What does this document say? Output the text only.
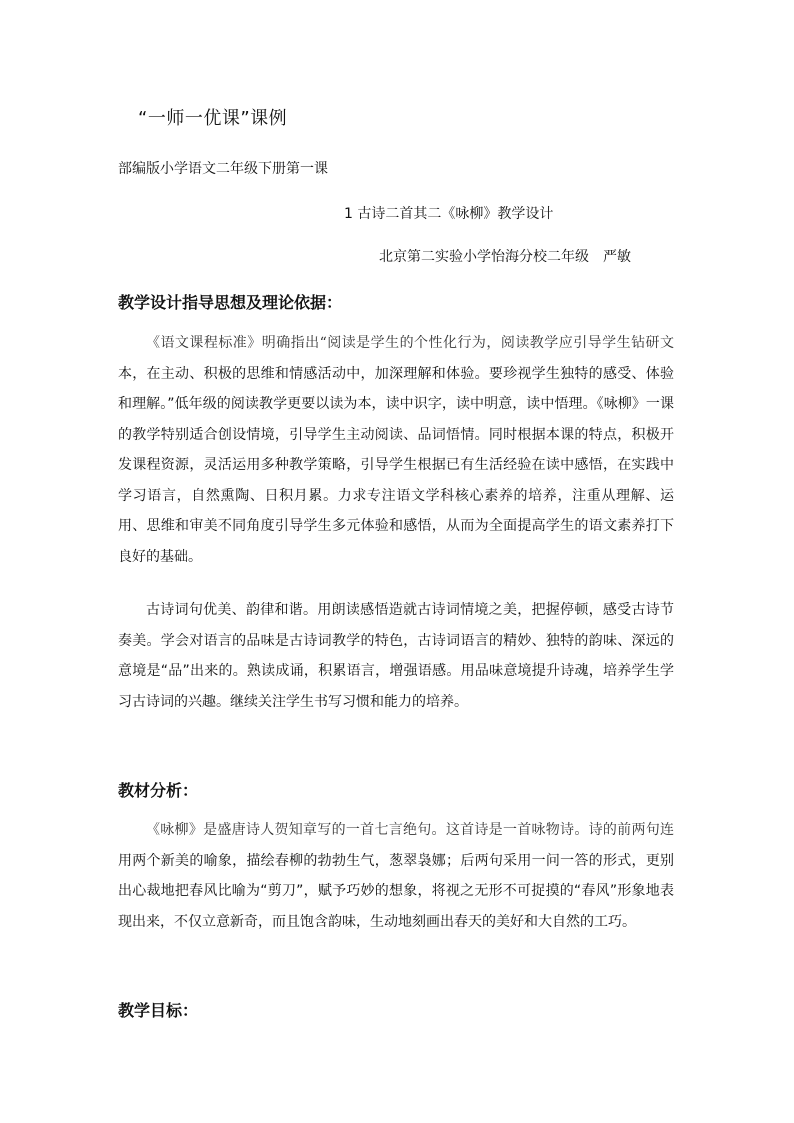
“一师一优课”课例
部编版小学语文二年级下册第一课
1 古诗二首其二《咏柳》教学设计
北京第二实验小学怡海分校二年级　严敏
教学设计指导思想及理论依据：

《语文课程标准》明确指出“阅读是学生的个性化行为，阅读教学应引导学生钻研文本，在主动、积极的思维和情感活动中，加深理解和体验。要珍视学生独特的感受、体验和理解。”低年级的阅读教学更要以读为本，读中识字，读中明意，读中悟理。《咏柳》一课的教学特别适合创设情境，引导学生主动阅读、品词悟情。同时根据本课的特点，积极开发课程资源，灵活运用多种教学策略，引导学生根据已有生活经验在读中感悟，在实践中学习语言，自然熏陶、日积月累。力求专注语文学科核心素养的培养，注重从理解、运用、思维和审美不同角度引导学生多元体验和感悟，从而为全面提高学生的语文素养打下良好的基础。

古诗词句优美、韵律和谐。用朗读感悟造就古诗词情境之美，把握停顿，感受古诗节奏美。学会对语言的品味是古诗词教学的特色，古诗词语言的精妙、独特的韵味、深远的意境是“品”出来的。熟读成诵，积累语言，增强语感。用品味意境提升诗魂，培养学生学习古诗词的兴趣。继续关注学生书写习惯和能力的培养。

教材分析：

《咏柳》是盛唐诗人贺知章写的一首七言绝句。这首诗是一首咏物诗。诗的前两句连用两个新美的喻象，描绘春柳的勃勃生气，葱翠袅娜；后两句采用一问一答的形式，更别出心裁地把春风比喻为“剪刀”，赋予巧妙的想象，将视之无形不可捉摸的“春风”形象地表现出来，不仅立意新奇，而且饱含韵味，生动地刻画出春天的美好和大自然的工巧。

教学目标：
